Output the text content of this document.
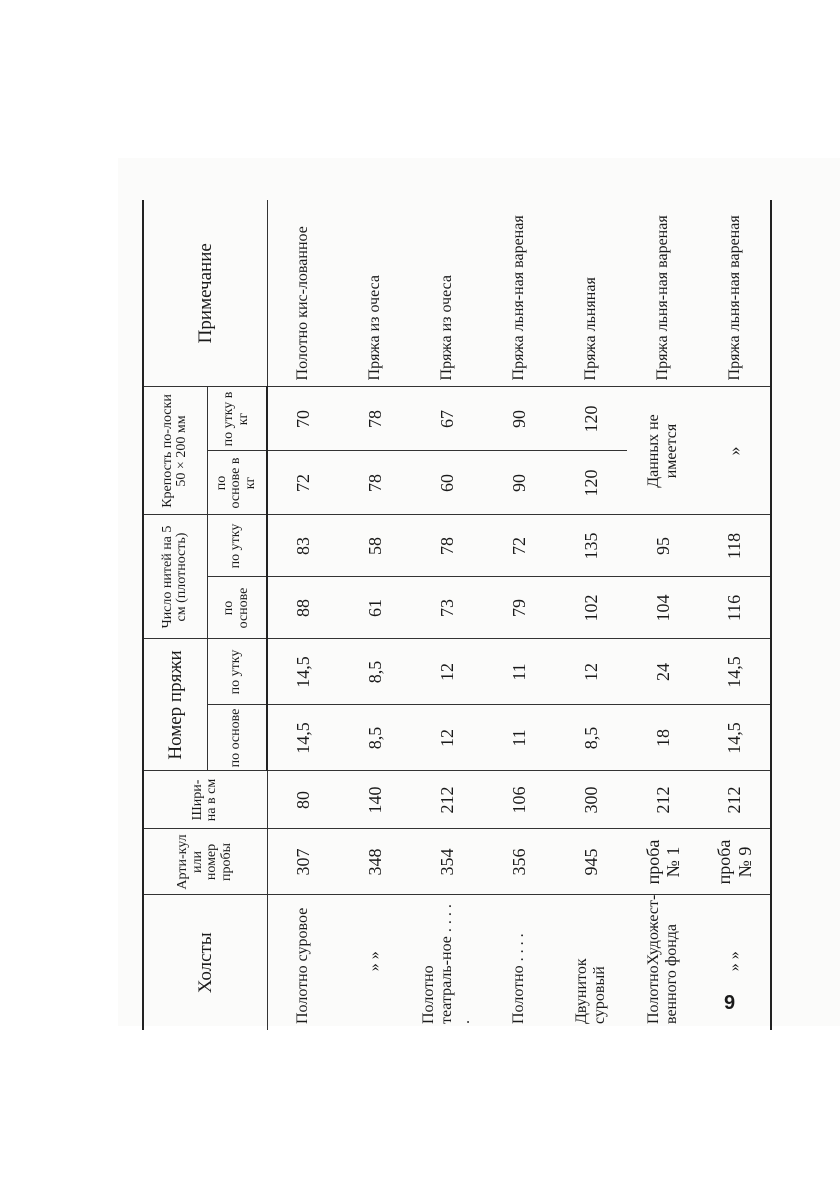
Холсты	Арти-кул или номер пробы	Шири-на в см	Номер пряжи		Число нитей на 5 см (плотность)		Крепость по-лоски 50 × 200 мм		Примечание
			по основе	по утку	по основе	по утку	по основе в кг	по утку в кг	
Полотно суровое	307	80	14,5	14,5	88	83	72	70	Полотно кис-лованное
» »	348	140	8,5	8,5	61	58	78	78	Пряжа из очеса
Полотно театраль-ное . . . . .	354	212	12	12	73	78	60	67	Пряжа из очеса
Полотно . . . .	356	106	11	11	79	72	90	90	Пряжа льня-ная вареная
Двуниток суровый	945	300	8,5	12	102	135	120	120	Пряжа льняная
ПолотноХудожест-венного фонда	проба № 1	212	18	24	104	95	Данных не имеется		Пряжа льня-ная вареная
» »	проба № 9	212	14,5	14,5	116	118	»		Пряжа льня-ная вареная
9
